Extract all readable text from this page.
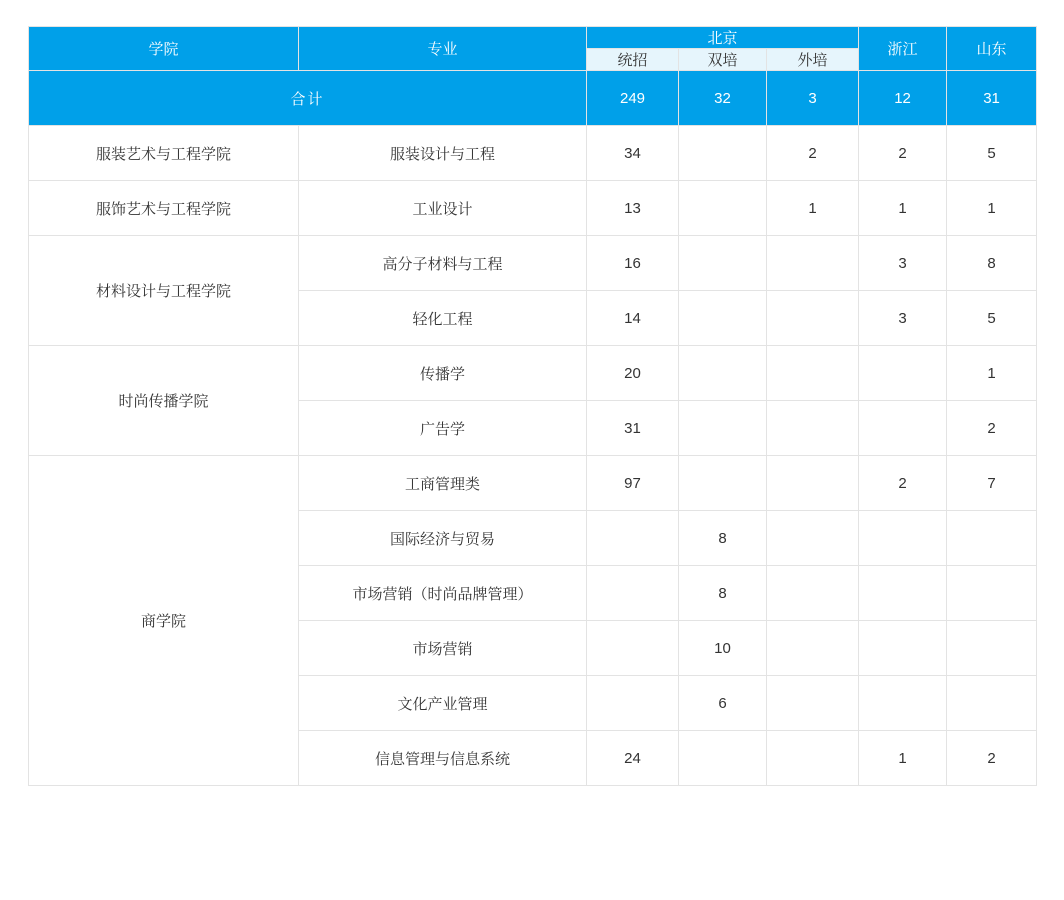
学院	专业	北京			浙江	山东
		统招	双培	外培		
合计		249	32	3	12	31
服装艺术与工程学院	服装设计与工程	34		2	2	5
服饰艺术与工程学院	工业设计	13		1	1	1
材料设计与工程学院	高分子材料与工程	16			3	8
	轻化工程	14			3	5
时尚传播学院	传播学	20				1
	广告学	31				2
商学院	工商管理类	97			2	7
	国际经济与贸易		8			
	市场营销（时尚品牌管理）		8			
	市场营销		10			
	文化产业管理		6			
	信息管理与信息系统	24			1	2
